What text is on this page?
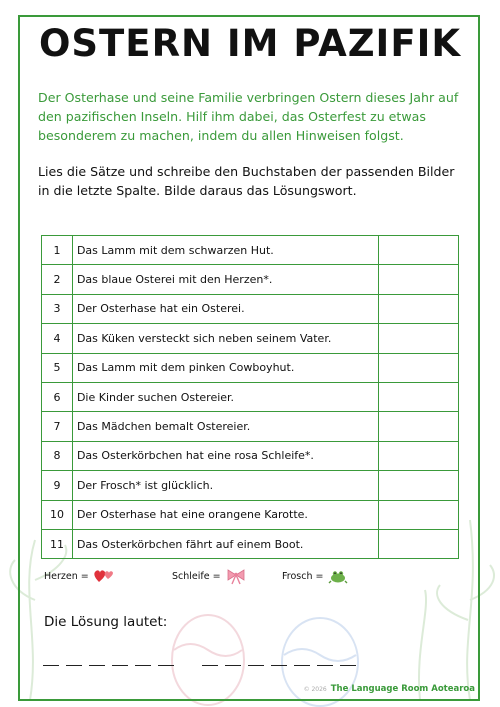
OSTERN IM PAZIFIK

Der Osterhase und seine Familie verbringen Ostern dieses Jahr auf den pazifischen Inseln. Hilf ihm dabei, das Osterfest zu etwas besonderem zu machen, indem du allen Hinweisen folgst.

Lies die Sätze und schreibe den Buchstaben der passenden Bilder in die letzte Spalte. Bilde daraus das Lösungswort.

1	Das Lamm mit dem schwarzen Hut.	
2	Das blaue Osterei mit den Herzen*.	
3	Der Osterhase hat ein Osterei.	
4	Das Küken versteckt sich neben seinem Vater.	
5	Das Lamm mit dem pinken Cowboyhut.	
6	Die Kinder suchen Ostereier.	
7	Das Mädchen bemalt Ostereier.	
8	Das Osterkörbchen hat eine rosa Schleife*.	
9	Der Frosch* ist glücklich.	
10	Der Osterhase hat eine orangene Karotte.	
11	Das Osterkörbchen fährt auf einem Boot.	
Herzen =	Schleife =	Frosch =
Die Lösung lautet:
© 2026 The Language Room Aotearoa
